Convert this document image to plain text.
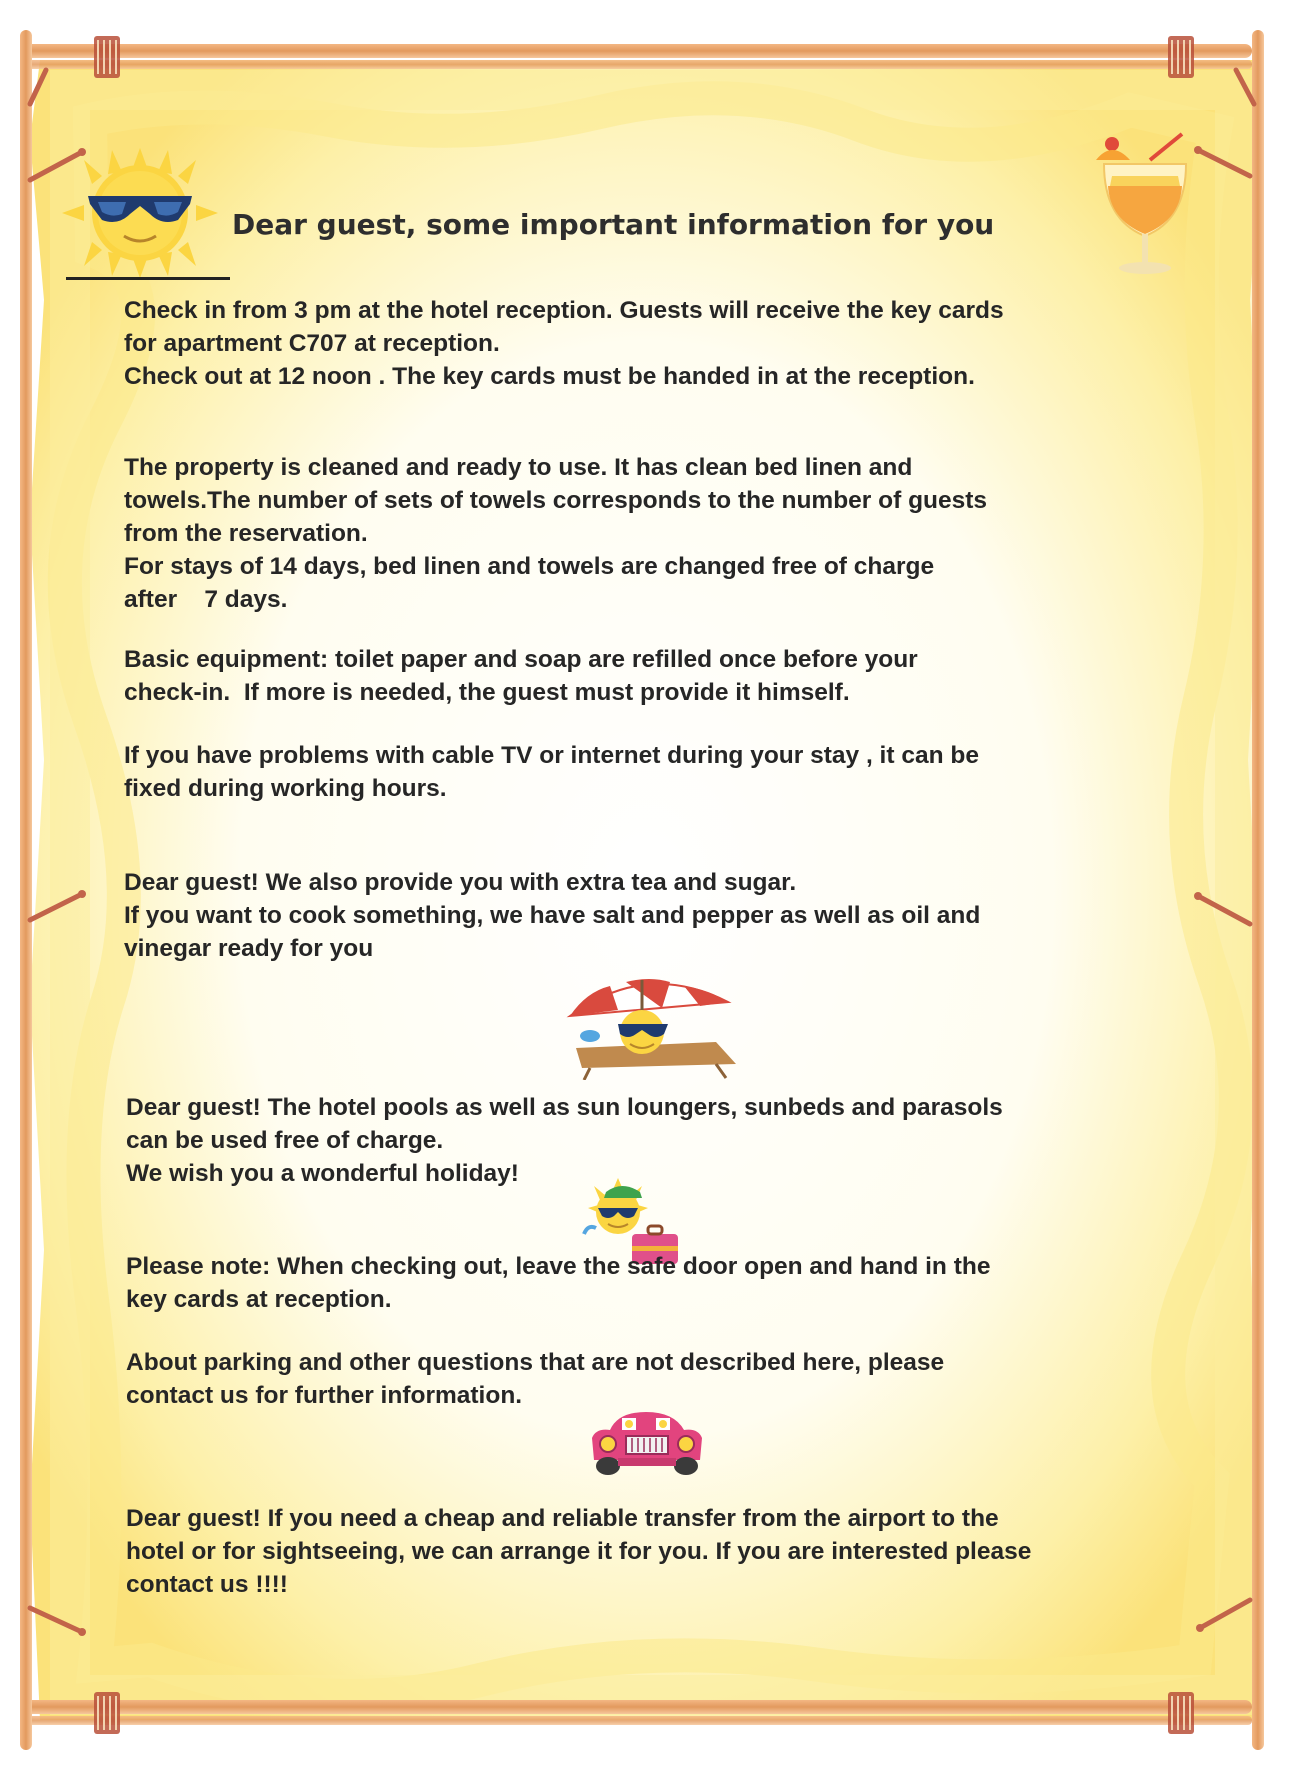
Dear guest, some important information for you
Check in from 3 pm at the hotel reception. Guests will receive the key cards
for apartment C707 at reception.
Check out at 12 noon . The key cards must be handed in at the reception.
The property is cleaned and ready to use. It has clean bed linen and
towels.The number of sets of towels corresponds to the number of guests
from the reservation.
For stays of 14 days, bed linen and towels are changed free of charge
after    7 days.
Basic equipment: toilet paper and soap are refilled once before your
check-in.  If more is needed, the guest must provide it himself.
If you have problems with cable TV or internet during your stay , it can be
fixed during working hours.
Dear guest! We also provide you with extra tea and sugar.
If you want to cook something, we have salt and pepper as well as oil and
vinegar ready for you
Dear guest! The hotel pools as well as sun loungers, sunbeds and parasols
can be used free of charge.
We wish you a wonderful holiday!
Please note: When checking out, leave the safe door open and hand in the
key cards at reception.
About parking and other questions that are not described here, please
contact us for further information.
Dear guest! If you need a cheap and reliable transfer from the airport to the
hotel or for sightseeing, we can arrange it for you. If you are interested please
contact us !!!!
